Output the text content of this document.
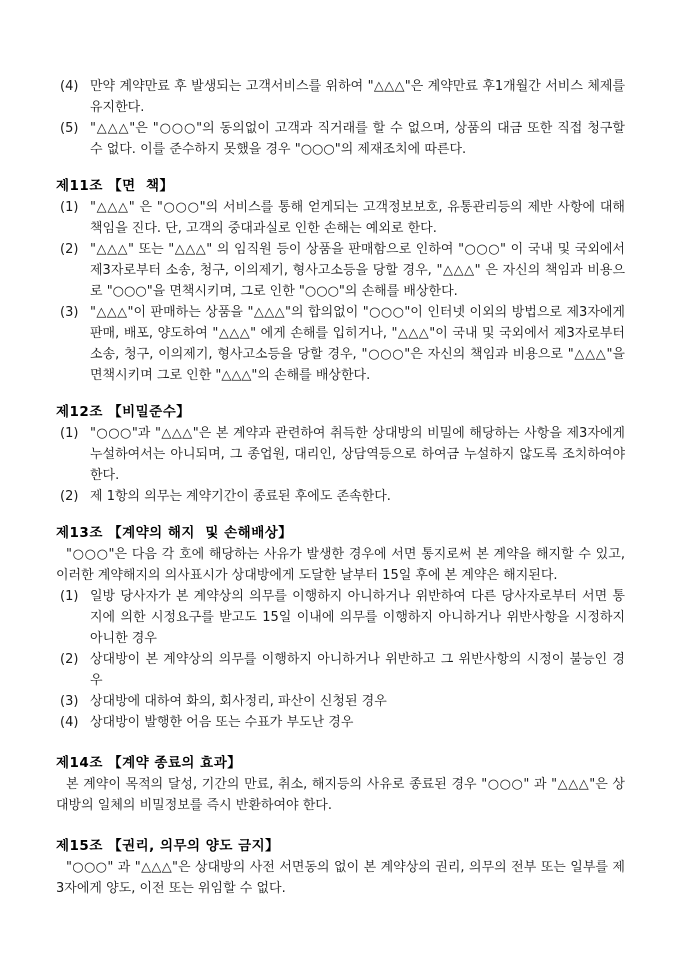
(4) 만약 계약만료 후 발생되는 고객서비스를 위하여 "△△△"은 계약만료 후1개월간 서비스 체제를 유지한다.
(5) "△△△"은 "○○○"의 동의없이 고객과 직거래를 할 수 없으며, 상품의 대금 또한 직접 청구할 수 없다. 이를 준수하지 못했을 경우 "○○○"의 제재조치에 따른다.
제11조 【면  책】
(1) "△△△" 은 "○○○"의 서비스를 통해 얻게되는 고객정보보호, 유통관리등의 제반 사항에 대해 책임을 진다. 단, 고객의 중대과실로 인한 손해는 예외로 한다.
(2) "△△△" 또는 "△△△" 의 임직원 등이 상품을 판매함으로 인하여 "○○○" 이 국내 및 국외에서 제3자로부터 소송, 청구, 이의제기, 형사고소등을 당할 경우, "△△△" 은 자신의 책임과 비용으로 "○○○"을 면책시키며, 그로 인한 "○○○"의 손해를 배상한다.
(3) "△△△"이 판매하는 상품을 "△△△"의 합의없이 "○○○"이 인터넷 이외의 방법으로 제3자에게 판매, 배포, 양도하여 "△△△" 에게 손해를 입히거나, "△△△"이 국내 및 국외에서 제3자로부터 소송, 청구, 이의제기, 형사고소등을 당할 경우, "○○○"은 자신의 책임과 비용으로 "△△△"을 면책시키며 그로 인한 "△△△"의 손해를 배상한다.
제12조 【비밀준수】
(1) "○○○"과 "△△△"은 본 계약과 관련하여 취득한 상대방의 비밀에 해당하는 사항을 제3자에게 누설하여서는 아니되며, 그 종업원, 대리인, 상담역등으로 하여금 누설하지 않도록 조치하여야 한다.
(2) 제 1항의 의무는 계약기간이 종료된 후에도 존속한다.
제13조 【계약의 해지  및 손해배상】

"○○○"은 다음 각 호에 해당하는 사유가 발생한 경우에 서면 통지로써 본 계약을 해지할 수 있고, 이러한 계약해지의 의사표시가 상대방에게 도달한 날부터 15일 후에 본 계약은 해지된다.

(1) 일방 당사자가 본 계약상의 의무를 이행하지 아니하거나 위반하여 다른 당사자로부터 서면 통지에 의한 시정요구를 받고도 15일 이내에 의무를 이행하지 아니하거나 위반사항을 시정하지 아니한 경우
(2) 상대방이 본 계약상의 의무를 이행하지 아니하거나 위반하고 그 위반사항의 시정이 불능인 경우
(3) 상대방에 대하여 화의, 회사정리, 파산이 신청된 경우
(4) 상대방이 발행한 어음 또는 수표가 부도난 경우
제14조 【계약 종료의 효과】

본 계약이 목적의 달성, 기간의 만료, 취소, 해지등의 사유로 종료된 경우 "○○○" 과 "△△△"은 상대방의 일체의 비밀정보를 즉시 반환하여야 한다.

제15조 【권리, 의무의 양도 금지】

"○○○" 과 "△△△"은 상대방의 사전 서면동의 없이 본 계약상의 권리, 의무의 전부 또는 일부를 제3자에게 양도, 이전 또는 위임할 수 없다.
